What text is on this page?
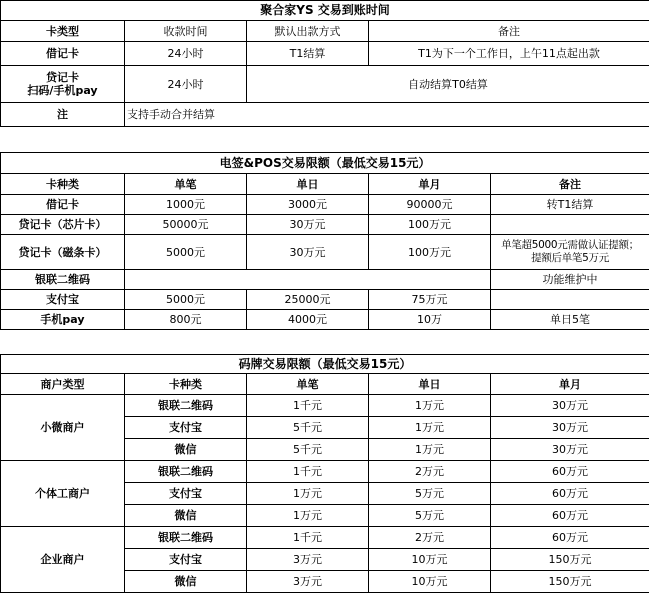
聚合家YS 交易到账时间			
卡类型	收款时间	默认出款方式	备注
借记卡	24小时	T1结算	T1为下一个工作日，上午11点起出款
贷记卡
扫码/手机pay	24小时	自动结算T0结算	
注	支持手动合并结算		
电签&POS交易限额（最低交易15元）				
卡种类	单笔	单日	单月	备注
借记卡	1000元	3000元	90000元	转T1结算
贷记卡（芯片卡）	50000元	30万元	100万元	
贷记卡（磁条卡）	5000元	30万元	100万元	单笔超5000元需做认证提额；
提额后单笔5万元
银联二维码				功能维护中
支付宝	5000元	25000元	75万元	
手机pay	800元	4000元	10万	单日5笔
码牌交易限额（最低交易15元）				
商户类型	卡种类	单笔	单日	单月
小微商户	银联二维码	1千元	1万元	30万元
	支付宝	5千元	1万元	30万元
	微信	5千元	1万元	30万元
个体工商户	银联二维码	1千元	2万元	60万元
	支付宝	1万元	5万元	60万元
	微信	1万元	5万元	60万元
企业商户	银联二维码	1千元	2万元	60万元
	支付宝	3万元	10万元	150万元
	微信	3万元	10万元	150万元
